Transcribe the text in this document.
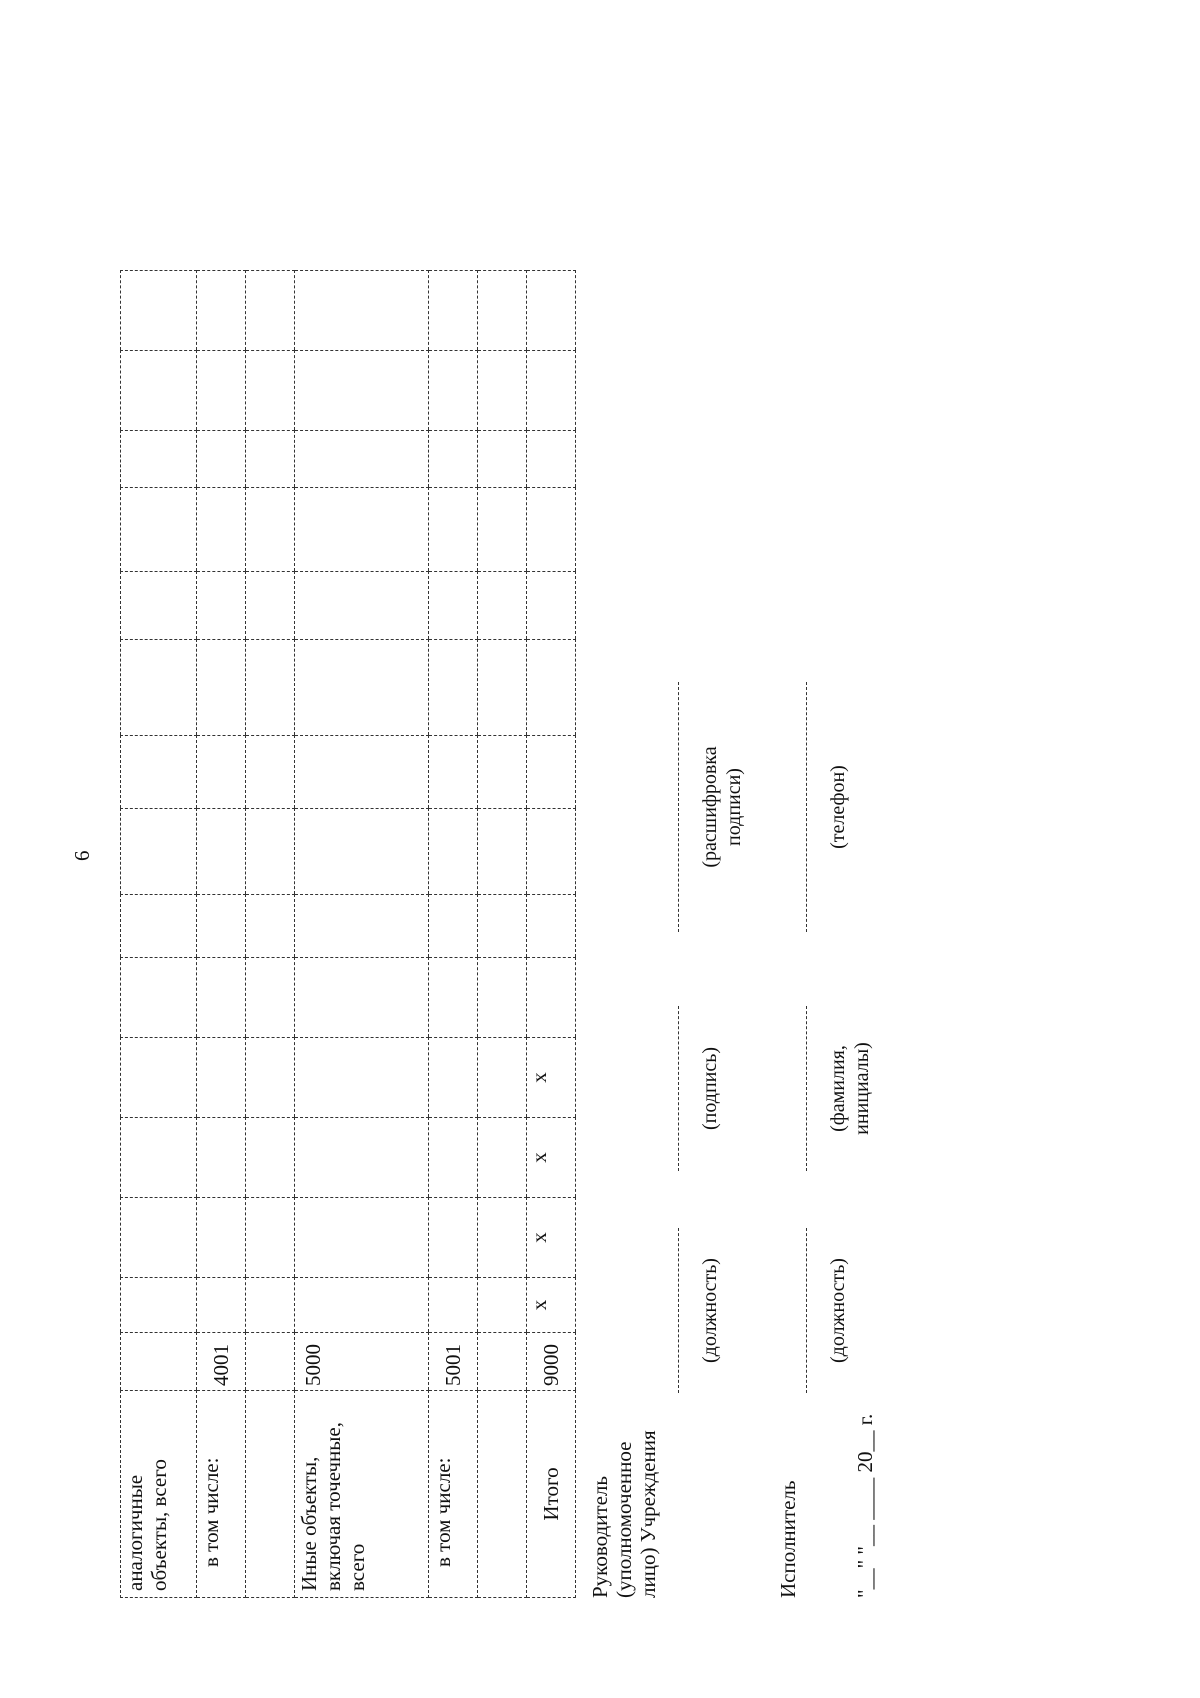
6
аналогичные объекты, всего															
в том числе:	4001														

Иные объекты, включая точечные, всего	5000														
в том числе:	5001														

Итого	9000	x	x	x	x										
Руководитель (уполномоченное лицо) Учреждения
(должность)
(подпись)
(расшифровка подписи)
Исполнитель
(должность)
(фамилия, инициалы)
(телефон)
"__" "__ ____ 20__ г.
